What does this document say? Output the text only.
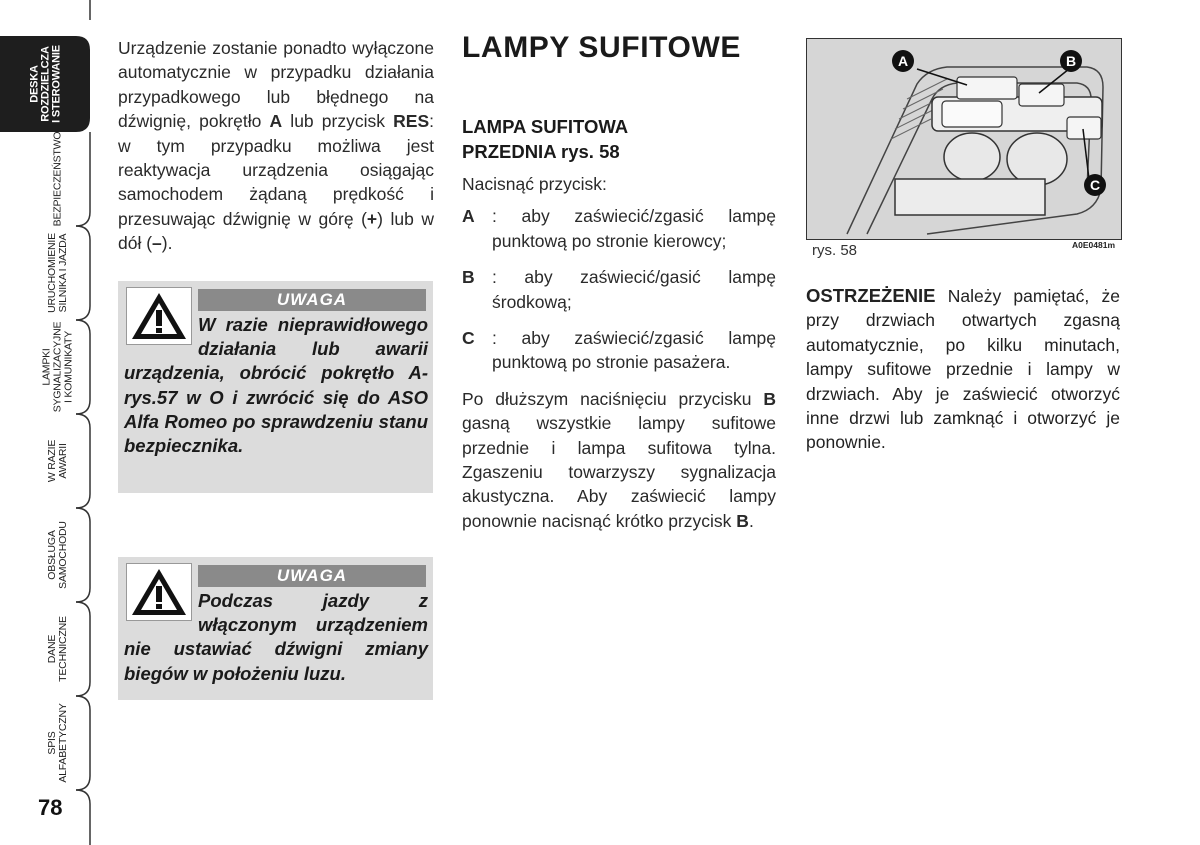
DESKA ROZDZIELCZA I STEROWANIE
BEZPIECZEŃSTWO
URUCHOMIENIE SILNIKA I JAZDA
LAMPKI SYGNALIZACYJNE I KOMUNIKATY
W RAZIE AWARII
OBSŁUGA SAMOCHODU
DANE TECHNICZNE
SPIS ALFABETYCZNY
78

Urządzenie zostanie ponadto wyłączone automatycznie w przypadku działania przypadkowego lub błędnego na dźwignię, pokrętło A lub przycisk RES: w tym przypadku możliwa jest reaktywacja urządzenia osiągając samochodem żądaną prędkość i przesuwając dźwignię w górę (+) lub w dół (–).

UWAGA
W razie nieprawidłowego działania lub awarii urządzenia, obrócić pokrętło A-rys.57 w O i zwrócić się do ASO Alfa Romeo po sprawdzeniu stanu bezpiecznika.
UWAGA
Podczas jazdy z włączonym urządzeniem nie ustawiać dźwigni zmiany biegów w położeniu luzu.
LAMPY SUFITOWE
LAMPA SUFITOWA
PRZEDNIA rys. 58

Nacisnąć przycisk:

A : aby zaświecić/zgasić lampę punktową po stronie kierowcy;
B : aby zaświecić/gasić lampę środkową;
C : aby zaświecić/zgasić lampę punktową po stronie pasażera.

Po dłuższym naciśnięciu przycisku B gasną wszystkie lampy sufitowe przednie i lampa sufitowa tylna. Zgaszeniu towarzyszy sygnalizacja akustyczna. Aby zaświecić lampy ponownie nacisnąć krótko przycisk B.

A	B
C
rys. 58	A0E0481m
OSTRZEŻENIE Należy pamiętać, że przy drzwiach otwartych zgasną automatycznie, po kilku minutach, lampy sufitowe przednie i lampy w drzwiach. Aby je zaświecić otworzyć inne drzwi lub zamknąć i otworzyć je ponownie.
